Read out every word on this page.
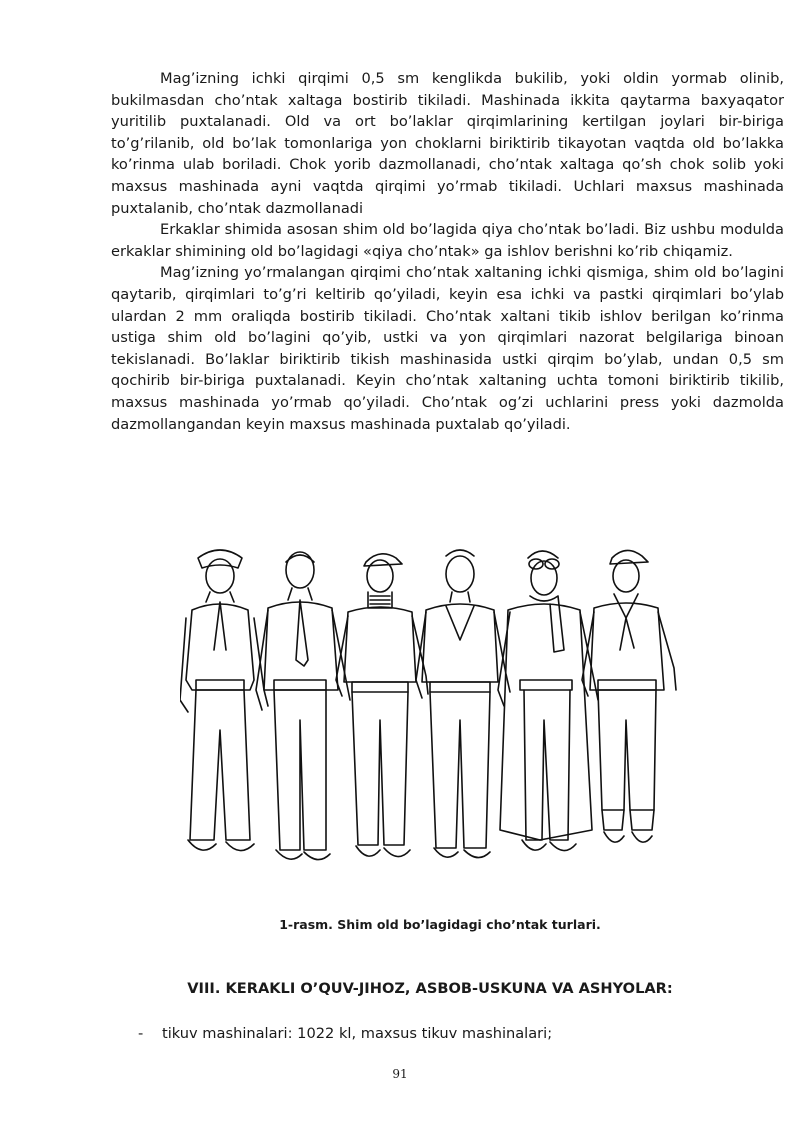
Mag’izning ichki qirqimi 0,5 sm kenglikda bukilib, yoki oldin yormab olinib, bukilmasdan cho’ntak xaltaga bostirib tikiladi. Mashinada ikkita qaytarma baxyaqator yuritilib puxtalanadi. Old va ort bo’laklar qirqimlarining kertilgan joylari bir-biriga to’g’rilanib, old bo’lak tomonlariga yon choklarni biriktirib tikayotan vaqtda old bo’lakka ko’rinma ulab boriladi. Chok yorib dazmollanadi, cho’ntak xaltaga qo’sh chok solib yoki maxsus mashinada ayni vaqtda qirqimi yo’rmab tikiladi. Uchlari maxsus mashinada puxtalanib, cho’ntak dazmollanadi

Erkaklar shimida asosan shim old bo’lagida qiya cho’ntak bo’ladi. Biz ushbu modulda erkaklar shimining old bo’lagidagi «qiya cho’ntak» ga ishlov berishni ko’rib chiqamiz.

Mag’izning yo’rmalangan qirqimi cho’ntak xaltaning ichki qismiga, shim old bo’lagini qaytarib, qirqimlari to’g’ri keltirib qo’yiladi, keyin esa ichki va pastki qirqimlari bo’ylab ulardan 2 mm oraliqda bostirib tikiladi. Cho’ntak xaltani tikib ishlov berilgan ko’rinma ustiga shim old bo’lagini qo’yib, ustki va yon qirqimlari nazorat belgilariga binoan tekislanadi. Bo’laklar biriktirib tikish mashinasida ustki qirqim bo’ylab, undan 0,5 sm qochirib bir-biriga puxtalanadi. Keyin cho’ntak xaltaning uchta tomoni biriktirib tikilib, maxsus mashinada yo’rmab qo’yiladi. Cho’ntak og’zi uchlarini press yoki dazmolda dazmollangandan keyin maxsus mashinada puxtalab qo’yiladi.

1-rasm. Shim old bo’lagidagi cho’ntak turlari.
VIII. KERAKLI O’QUV-JIHOZ, ASBOB-USKUNA VA ASHYOLAR:
- tikuv mashinalari: 1022 kl, maxsus tikuv mashinalari;
91
